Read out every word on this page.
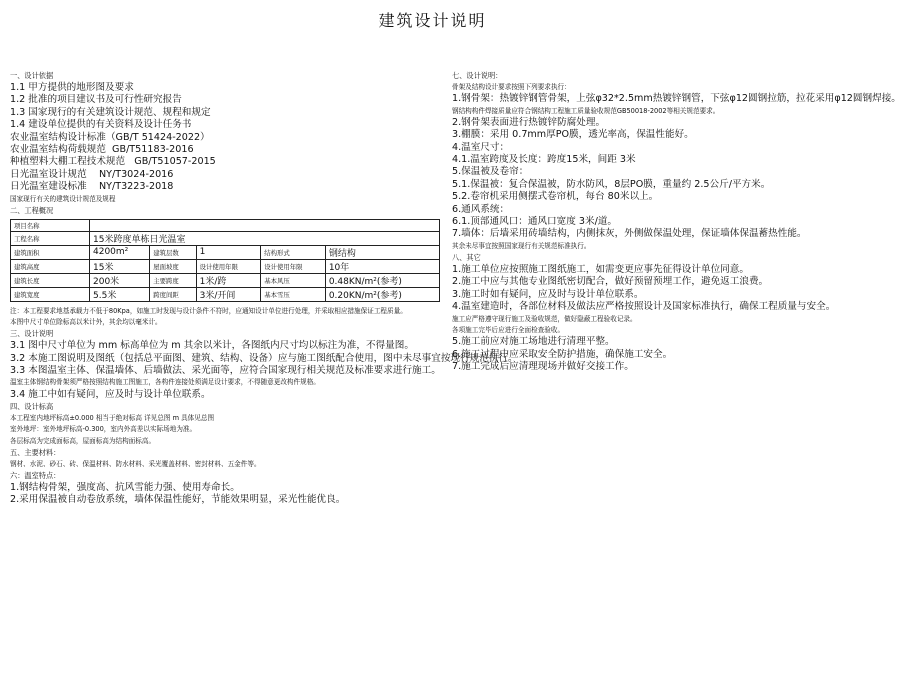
建筑设计说明
一、设计依据
1.1 甲方提供的地形图及要求
1.2 批准的项目建议书及可行性研究报告
1.3 国家现行的有关建筑设计规范、规程和规定
1.4 建设单位提供的有关资料及设计任务书
农业温室结构设计标准（GB/T 51424-2022）
农业温室结构荷载规范 GB/T51183-2016
种植塑料大棚工程技术规范 GB/T51057-2015
日光温室设计规范 NY/T3024-2016
日光温室建设标准 NY/T3223-2018
国家现行有关的建筑设计规范及规程
二、工程概况
项目名称					
工程名称	15米跨度单栋日光温室				
建筑面积	4200m²	建筑层数	1	结构形式	钢结构
建筑高度	15米	屋面坡度	设计使用年限	设计使用年限	10年
建筑长度	200米	主要跨度	1米/跨	基本风压	0.48KN/m²(参考)
建筑宽度	5.5米	跨度间距	3米/开间	基本雪压	0.20KN/m²(参考)
注：本工程要求地基承载力不低于80Kpa，如施工时发现与设计条件不符时，应通知设计单位进行处理，并采取相应措施保证工程质量。
本图中尺寸单位除标高以米计外，其余均以毫米计。
三、设计说明
3.1 图中尺寸单位为 mm 标高单位为 m 其余以米计，各图纸内尺寸均以标注为准，不得量图。
3.2 本施工图说明及图纸（包括总平面图、建筑、结构、设备）应与施工图纸配合使用，图中未尽事宜按现行规范执行。
3.3 本图温室主体、保温墙体、后墙做法、采光面等，应符合国家现行相关规范及标准要求进行施工。
温室主体钢结构骨架须严格按照结构施工图施工，各构件连接处须满足设计要求，不得随意更改构件规格。
3.4 施工中如有疑问，应及时与设计单位联系。
四、设计标高
本工程室内地坪标高±0.000 相当于绝对标高 详见总图 m 具体见总图
室外地坪：室外地坪标高-0.300，室内外高差以实际场地为准。
各层标高为完成面标高，屋面标高为结构面标高。
五、主要材料：
钢材、水泥、砂石、砖、保温材料、防水材料、采光覆盖材料、密封材料、五金件等。
六：温室特点：
1.钢结构骨架，强度高、抗风雪能力强、使用寿命长。
2.采用保温被自动卷放系统，墙体保温性能好，节能效果明显，采光性能优良。
七、设计说明：
骨架及结构设计要求按照下列要求执行：
1.钢骨架：热镀锌钢管骨架，上弦φ32*2.5mm热镀锌钢管，下弦φ12圆钢拉筋，拉花采用φ12圆钢焊接。
钢结构构件焊接质量应符合钢结构工程施工质量验收规范GB50018-2002等相关规范要求。
2.钢骨架表面进行热镀锌防腐处理。
3.棚膜：采用 0.7mm厚PO膜，透光率高，保温性能好。
4.温室尺寸：
4.1.温室跨度及长度：跨度15米，间距 3米
5.保温被及卷帘：
5.1.保温被：复合保温被，防水防风，8层PO膜，重量约 2.5公斤/平方米。
5.2.卷帘机采用侧摆式卷帘机，每台 80米以上。
6.通风系统：
6.1.顶部通风口：通风口宽度 3米/道。
7.墙体：后墙采用砖墙结构，内侧抹灰，外侧做保温处理，保证墙体保温蓄热性能。
其余未尽事宜按照国家现行有关规范标准执行。
八、其它
1.施工单位应按照施工图纸施工，如需变更应事先征得设计单位同意。
2.施工中应与其他专业图纸密切配合，做好预留预埋工作，避免返工浪费。
3.施工时如有疑问，应及时与设计单位联系。
4.温室建造时，各部位材料及做法应严格按照设计及国家标准执行，确保工程质量与安全。
施工应严格遵守现行施工及验收规范，做好隐蔽工程验收记录。
各项施工完毕后应进行全面检查验收。
5.施工前应对施工场地进行清理平整。
6.施工过程中应采取安全防护措施，确保施工安全。
7.施工完成后应清理现场并做好交接工作。
